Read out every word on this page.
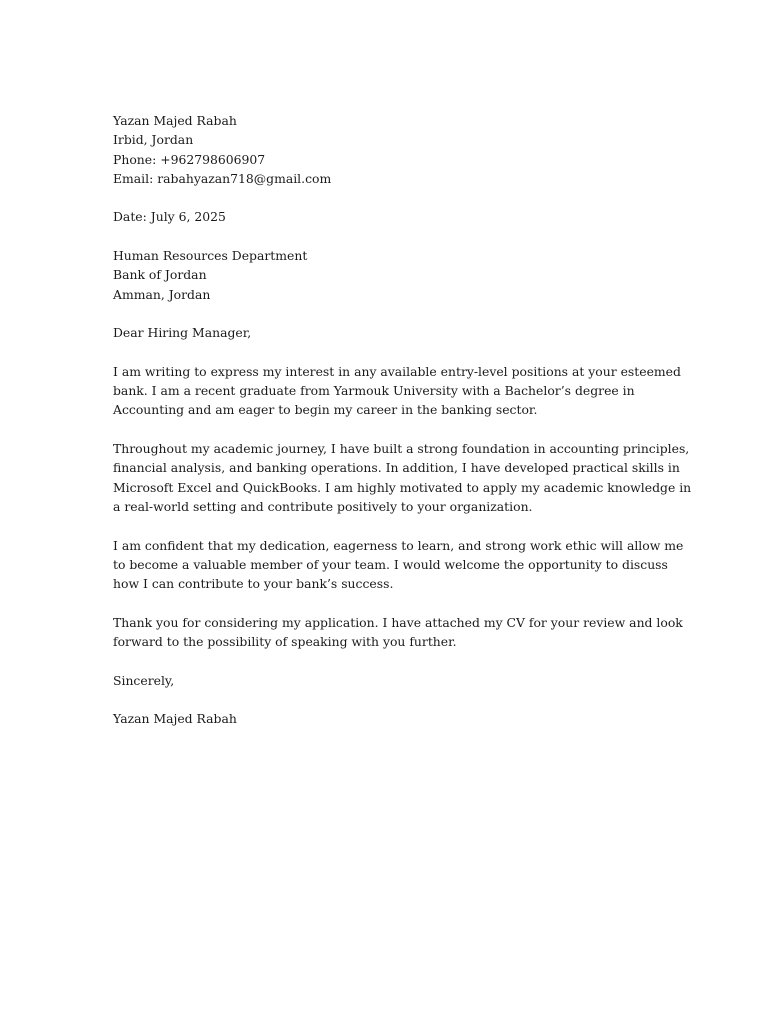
Yazan Majed Rabah
Irbid, Jordan
Phone: +962798606907
Email: rabahyazan718@gmail.com
Date: July 6, 2025
Human Resources Department
Bank of Jordan
Amman, Jordan
Dear Hiring Manager,
I am writing to express my interest in any available entry-level positions at your esteemed
bank. I am a recent graduate from Yarmouk University with a Bachelor’s degree in
Accounting and am eager to begin my career in the banking sector.
Throughout my academic journey, I have built a strong foundation in accounting principles,
financial analysis, and banking operations. In addition, I have developed practical skills in
Microsoft Excel and QuickBooks. I am highly motivated to apply my academic knowledge in
a real-world setting and contribute positively to your organization.
I am confident that my dedication, eagerness to learn, and strong work ethic will allow me
to become a valuable member of your team. I would welcome the opportunity to discuss
how I can contribute to your bank’s success.
Thank you for considering my application. I have attached my CV for your review and look
forward to the possibility of speaking with you further.
Sincerely,
Yazan Majed Rabah
